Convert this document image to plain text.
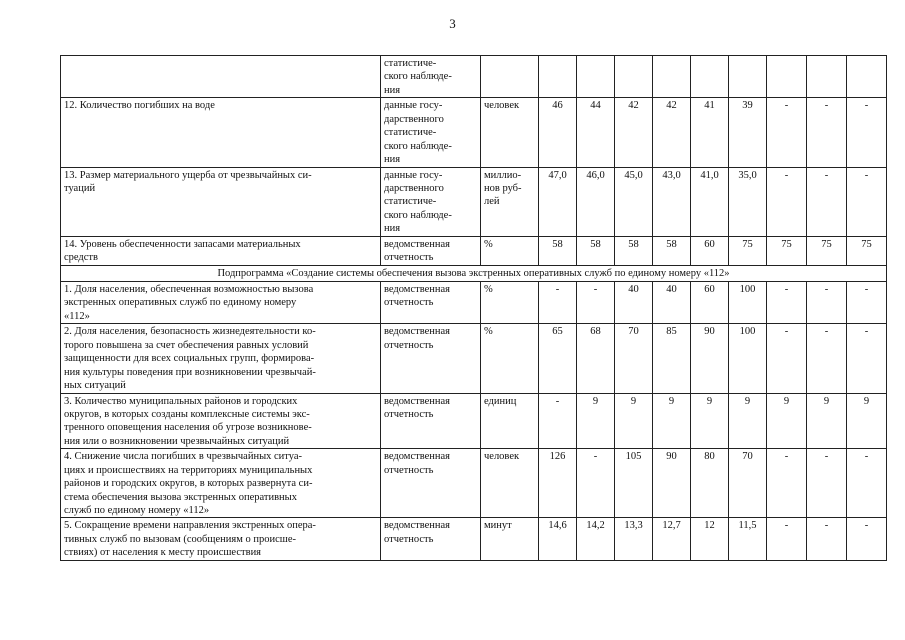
3

	статистиче-
ского наблюде-
ния										

12. Количество погибших на воде	данные госу-
дарственного
статистиче-
ского наблюде-
ния	человек	46	44	42	42	41	39	-	-	-

13. Размер материального ущерба от чрезвычайных си-
туаций	данные госу-
дарственного
статистиче-
ского наблюде-
ния	миллио-
нов руб-
лей	47,0	46,0	45,0	43,0	41,0	35,0	-	-	-

14. Уровень обеспеченности запасами материальных
средств	ведомственная
отчетность	%	58	58	58	58	60	75	75	75	75
Подпрограмма «Создание системы обеспечения вызова экстренных оперативных служб по единому номеру «112»											

1. Доля населения, обеспеченная возможностью вызова
экстренных оперативных служб по единому номеру
«112»	ведомственная
отчетность	%	-	-	40	40	60	100	-	-	-

2. Доля населения, безопасность жизнедеятельности ко-
торого повышена за счет обеспечения равных условий
защищенности для всех социальных групп, формирова-
ния культуры поведения при возникновении чрезвычай-
ных ситуаций	ведомственная
отчетность	%	65	68	70	85	90	100	-	-	-

3. Количество муниципальных районов и городских
округов, в которых созданы комплексные системы экс-
тренного оповещения населения об угрозе возникнове-
ния или о возникновении чрезвычайных ситуаций	ведомственная
отчетность	единиц	-	9	9	9	9	9	9	9	9

4. Снижение числа погибших в чрезвычайных ситуа-
циях и происшествиях на территориях муниципальных
районов и городских округов, в которых развернута си-
стема обеспечения вызова экстренных оперативных
служб по единому номеру «112»	ведомственная
отчетность	человек	126	-	105	90	80	70	-	-	-

5. Сокращение времени направления экстренных опера-
тивных служб по вызовам (сообщениям о происше-
ствиях) от населения к месту происшествия	ведомственная
отчетность	минут	14,6	14,2	13,3	12,7	12	11,5	-	-	-
